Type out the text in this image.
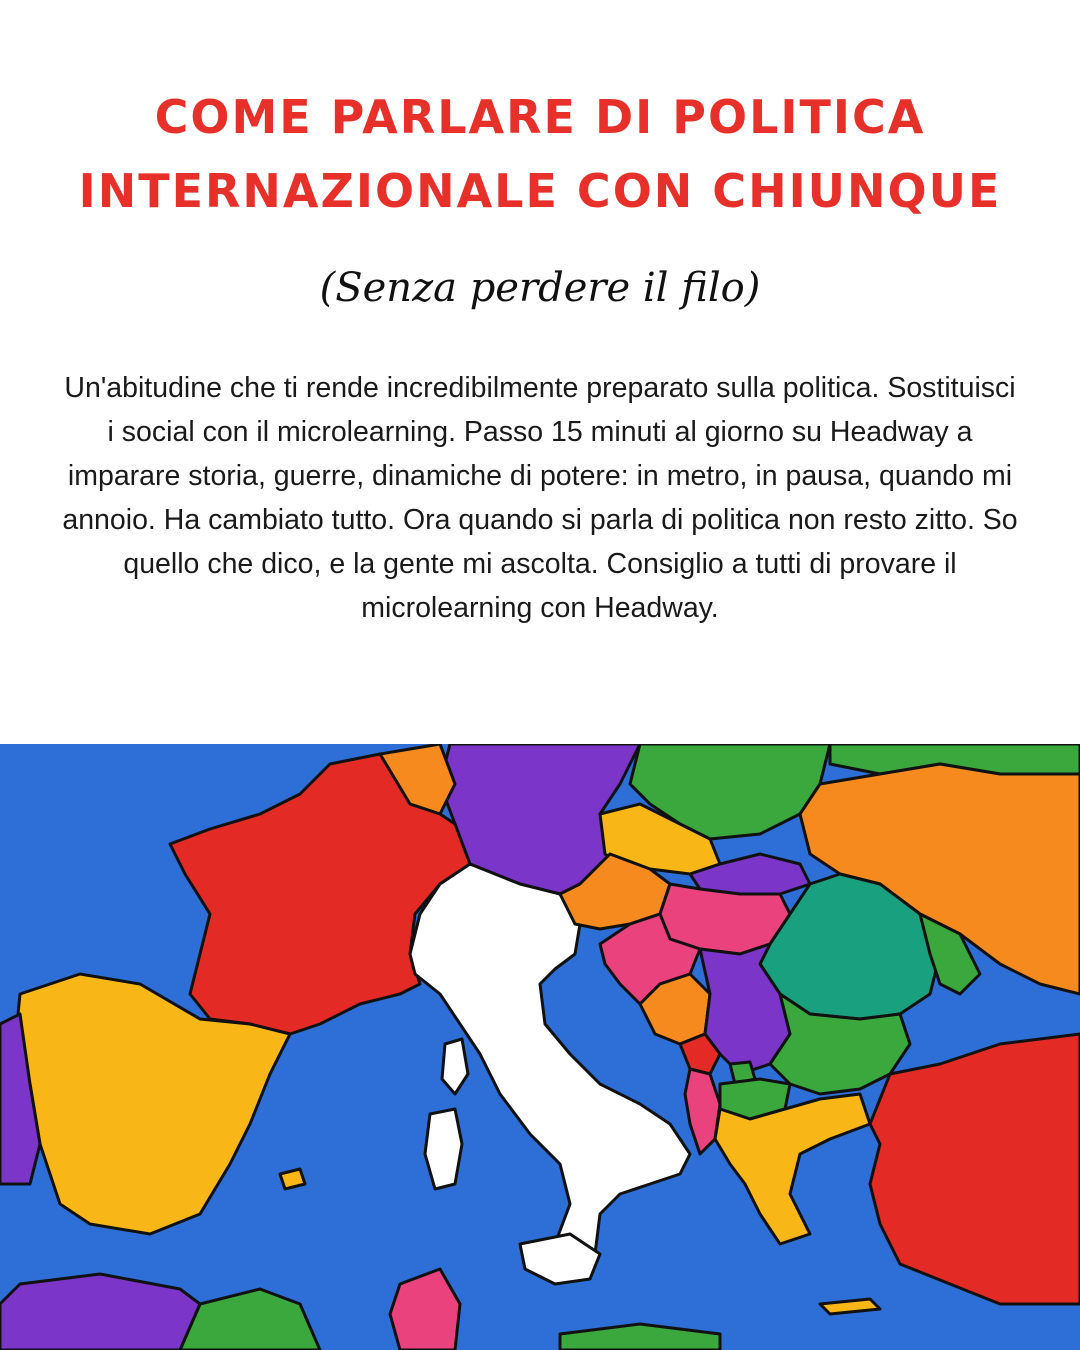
COME PARLARE DI POLITICA
INTERNAZIONALE CON CHIUNQUE
(Senza perdere il filo)
Un'abitudine che ti rende incredibilmente preparato sulla politica. Sostituisci i social con il microlearning. Passo 15 minuti al giorno su Headway a imparare storia, guerre, dinamiche di potere: in metro, in pausa, quando mi annoio. Ha cambiato tutto. Ora quando si parla di politica non resto zitto. So quello che dico, e la gente mi ascolta. Consiglio a tutti di provare il microlearning con Headway.
